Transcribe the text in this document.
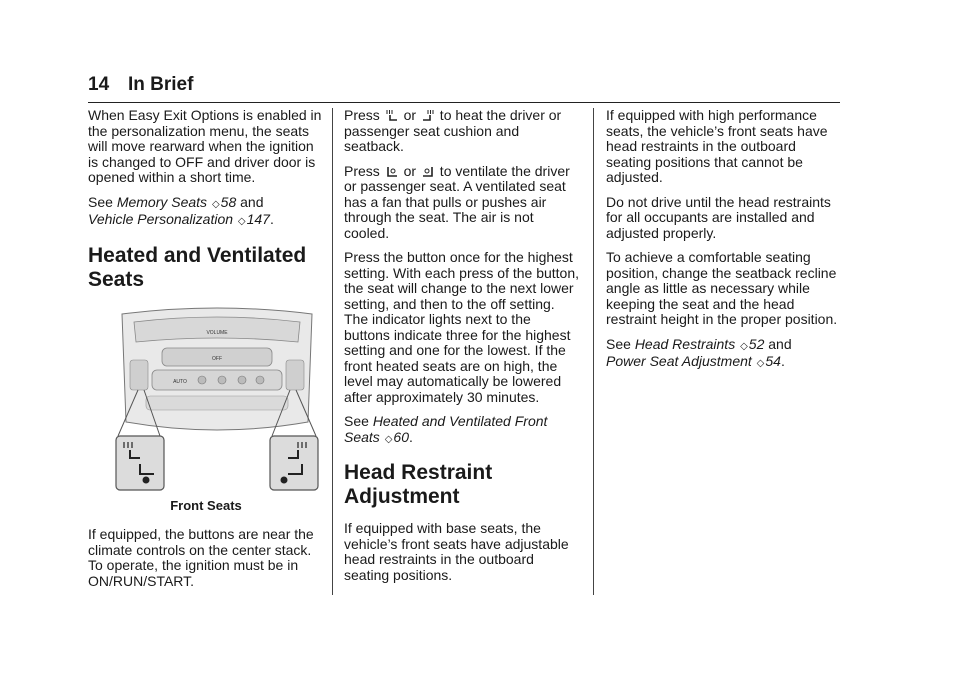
14 In Brief

When Easy Exit Options is enabled in the personalization menu, the seats will move rearward when the ignition is changed to OFF and driver door is opened within a short time.

See Memory Seats ◇58 and
Vehicle Personalization ◇147.

Heated and Ventilated Seats
VOLUME
OFF
AUTO
Front Seats

If equipped, the buttons are near the climate controls on the center stack. To operate, the ignition must be in ON/RUN/START.

Press  or  to heat the driver or passenger seat cushion and seatback.

Press  or  to ventilate the driver or passenger seat. A ventilated seat has a fan that pulls or pushes air through the seat. The air is not cooled.

Press the button once for the highest setting. With each press of the button, the seat will change to the next lower setting, and then to the off setting. The indicator lights next to the buttons indicate three for the highest setting and one for the lowest. If the front heated seats are on high, the level may automatically be lowered after approximately 30 minutes.

See Heated and Ventilated Front Seats ◇60.

Head Restraint Adjustment

If equipped with base seats, the vehicle’s front seats have adjustable head restraints in the outboard seating positions.

If equipped with high performance seats, the vehicle’s front seats have head restraints in the outboard seating positions that cannot be adjusted.

Do not drive until the head restraints for all occupants are installed and adjusted properly.

To achieve a comfortable seating position, change the seatback recline angle as little as necessary while keeping the seat and the head restraint height in the proper position.

See Head Restraints ◇52 and
Power Seat Adjustment ◇54.
